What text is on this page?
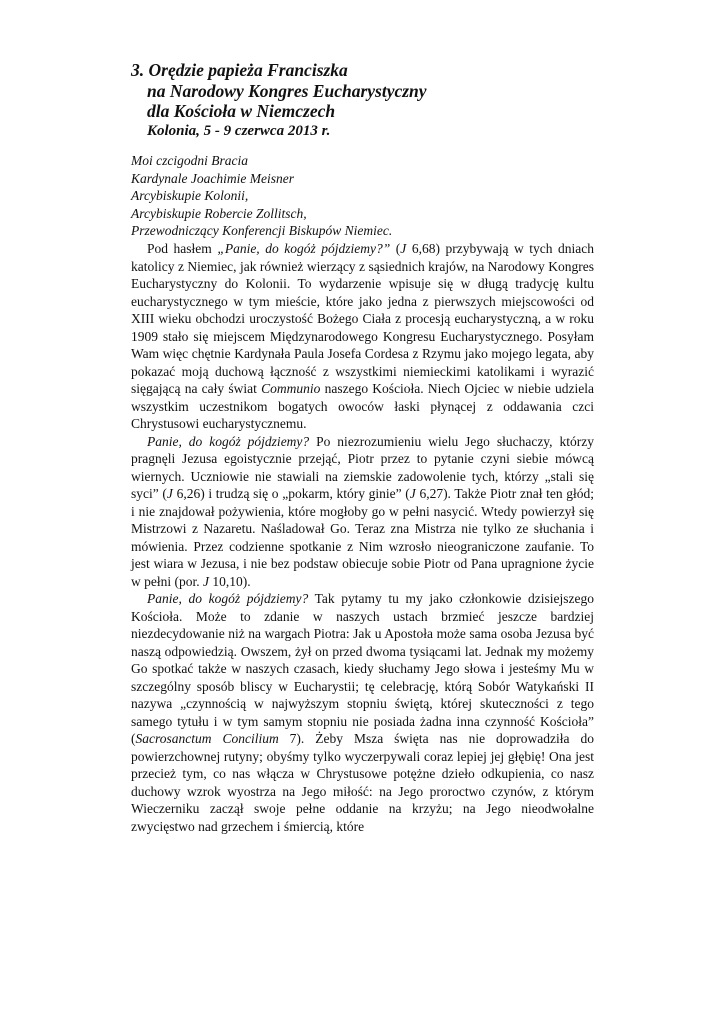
3. Orędzie papieża Franciszka
na Narodowy Kongres Eucharystyczny
dla Kościoła w Niemczech
Kolonia, 5 - 9 czerwca 2013 r.
Moi czcigodni Bracia
Kardynale Joachimie Meisner
Arcybiskupie Kolonii,
Arcybiskupie Robercie Zollitsch,
Przewodniczący Konferencji Biskupów Niemiec.

Pod hasłem „Panie, do kogóż pójdziemy?” (J 6,68) przybywają w tych dniach katolicy z Niemiec, jak również wierzący z sąsiednich krajów, na Narodowy Kongres Eucharystyczny do Kolonii. To wydarzenie wpisuje się w długą tradycję kultu eucharystycznego w tym mieście, które jako jedna z pierwszych miejscowości od XIII wieku obchodzi uroczystość Bożego Ciała z procesją eucharystyczną, a w roku 1909 stało się miejscem Międzynarodowego Kongresu Eucharystycznego. Posyłam Wam więc chętnie Kardynała Paula Josefa Cordesa z Rzymu jako mojego legata, aby pokazać moją duchową łączność z wszystkimi niemieckimi katolikami i wyrazić sięgającą na cały świat Communio naszego Kościoła. Niech Ojciec w niebie udziela wszystkim uczestnikom bogatych owoców łaski płynącej z oddawania czci Chrystusowi eucharystycznemu.

Panie, do kogóż pójdziemy? Po niezrozumieniu wielu Jego słuchaczy, którzy pragnęli Jezusa egoistycznie przejąć, Piotr przez to pytanie czyni siebie mówcą wiernych. Uczniowie nie stawiali na ziemskie zadowolenie tych, którzy „stali się syci” (J 6,26) i trudzą się o „pokarm, który ginie” (J 6,27). Także Piotr znał ten głód; i nie znajdował pożywienia, które mogłoby go w pełni nasycić. Wtedy powierzył się Mistrzowi z Nazaretu. Naśladował Go. Teraz zna Mistrza nie tylko ze słuchania i mówienia. Przez codzienne spotkanie z Nim wzrosło nieograniczone zaufanie. To jest wiara w Jezusa, i nie bez podstaw obiecuje sobie Piotr od Pana upragnione życie w pełni (por. J 10,10).

Panie, do kogóż pójdziemy? Tak pytamy tu my jako członkowie dzisiejszego Kościoła. Może to zdanie w naszych ustach brzmieć jeszcze bardziej niezdecydowanie niż na wargach Piotra: Jak u Apostoła może sama osoba Jezusa być naszą odpowiedzią. Owszem, żył on przed dwoma tysiącami lat. Jednak my możemy Go spotkać także w naszych czasach, kiedy słuchamy Jego słowa i jesteśmy Mu w szczególny sposób bliscy w Eucharystii; tę celebrację, którą Sobór Watykański II nazywa „czynnością w najwyższym stopniu świętą, której skuteczności z tego samego tytułu i w tym samym stopniu nie posiada żadna inna czynność Kościoła” (Sacrosanctum Concilium 7). Żeby Msza święta nas nie doprowadziła do powierzchownej rutyny; obyśmy tylko wyczerpywali coraz lepiej jej głębię! Ona jest przecież tym, co nas włącza w Chrystusowe potężne dzieło odkupienia, co nasz duchowy wzrok wyostrza na Jego miłość: na Jego proroctwo czynów, z którym Wieczerniku zaczął swoje pełne oddanie na krzyżu; na Jego nieodwołalne zwycięstwo nad grzechem i śmiercią, które
